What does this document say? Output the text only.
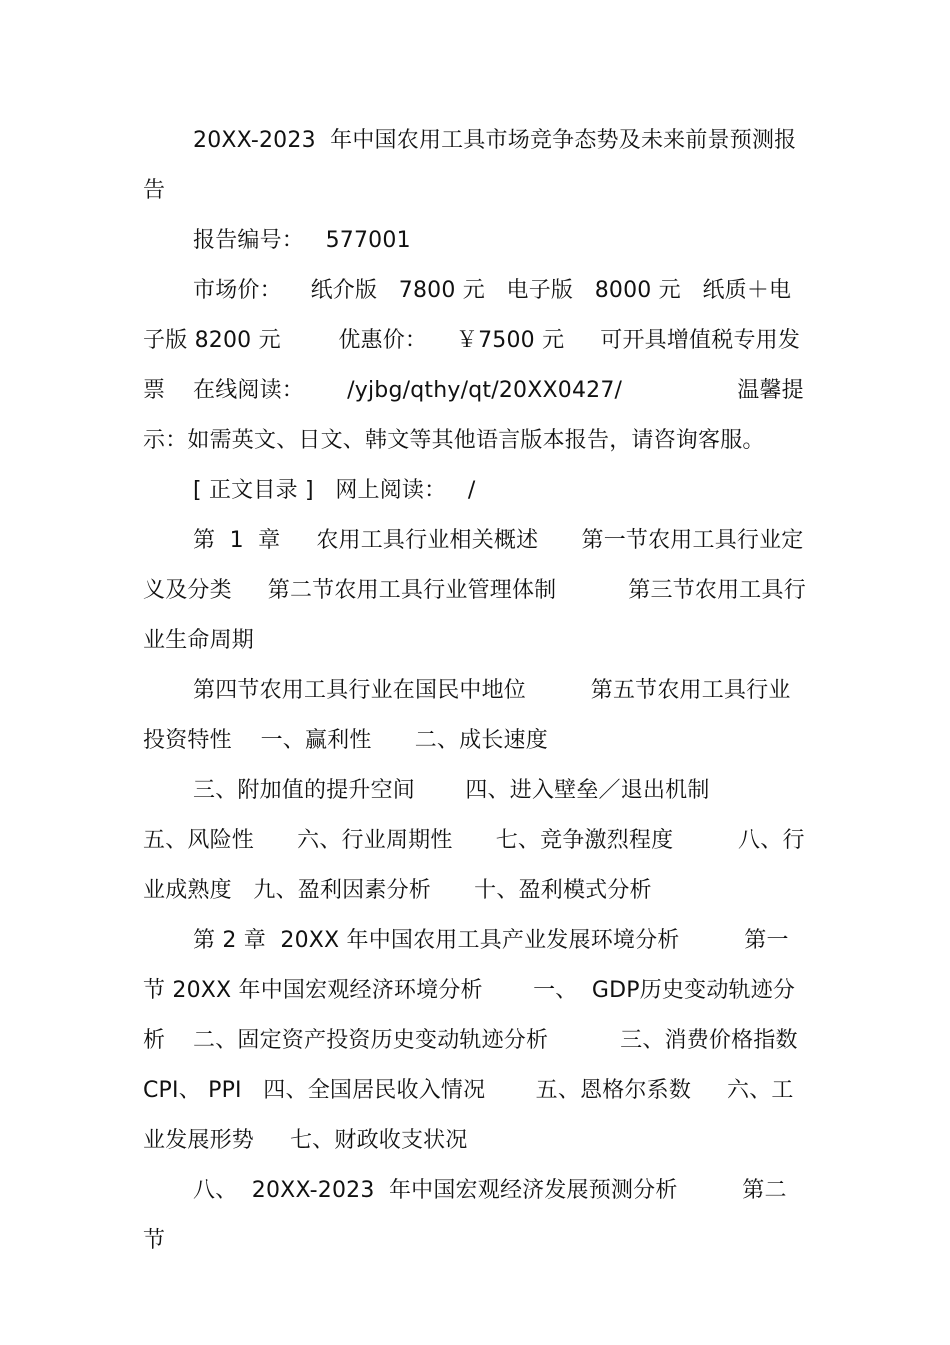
20XX-2023  年中国农用工具市场竞争态势及未来前景预测报告

报告编号：   577001

市场价：    纸介版   7800 元   电子版   8000 元   纸质＋电子版 8200 元        优惠价：    ￥7500 元     可开具增值税专用发票	在线阅读：      /yjbg/qthy/qt/20XX0427/                温馨提示：如需英文、日文、韩文等其他语言版本报告，请咨询客服。

[ 正文目录 ]   网上阅读：   /

第  1  章     农用工具行业相关概述      第一节农用工具行业定义及分类     第二节农用工具行业管理体制          第三节农用工具行业生命周期

第四节农用工具行业在国民中地位         第五节农用工具行业投资特性    一、赢利性      二、成长速度

三、附加值的提升空间       四、进入壁垒／退出机制        五、风险性      六、行业周期性      七、竞争激烈程度         八、行业成熟度   九、盈利因素分析      十、盈利模式分析

第 2 章  20XX 年中国农用工具产业发展环境分析         第一节 20XX 年中国宏观经济环境分析       一、  GDP历史变动轨迹分析	二、固定资产投资历史变动轨迹分析          三、消费价格指数  CPI、 PPI   四、全国居民收入情况       五、恩格尔系数     六、工业发展形势     七、财政收支状况

八、  20XX-2023  年中国宏观经济发展预测分析         第二节
